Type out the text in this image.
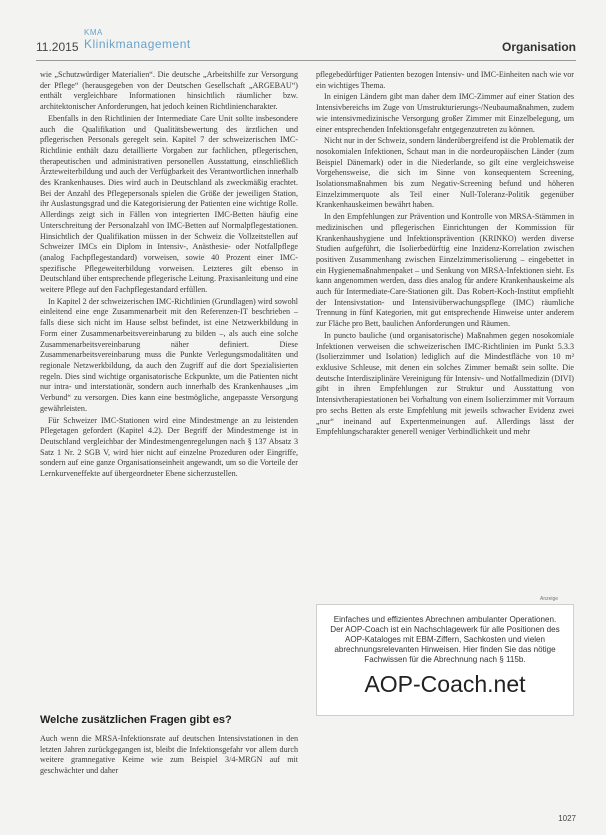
11.2015
KMA
Klinikmanagement	Organisation

wie „Schutzwürdiger Materialien“. Die deutsche „Arbeitshilfe zur Versorgung der Pflege“ (herausgegeben von der Deutschen Gesellschaft „ARGEBAU“) enthält vergleichbare Informationen hinsichtlich räumlicher bzw. architektonischer Anforderungen, hat jedoch keinen Richtliniencharakter.

Ebenfalls in den Richtlinien der Intermediate Care Unit sollte insbesondere auch die Qualifikation und Qualitätsbewertung des ärztlichen und pflegerischen Personals geregelt sein. Kapitel 7 der schweizerischen IMC-Richtlinie enthält dazu detaillierte Vorgaben zur fachlichen, pflegerischen, therapeutischen und administrativen personellen Ausstattung, einschließlich Ärzteweiterbildung und auch der Verfügbarkeit des Verantwortlichen innerhalb des Krankenhauses. Dies wird auch in Deutschland als zweckmäßig erachtet. Bei der Anzahl des Pflegepersonals spielen die Größe der jeweiligen Station, ihr Auslastungsgrad und die Kategorisierung der Patienten eine wichtige Rolle. Allerdings zeigt sich in Fällen von integrierten IMC-Betten häufig eine Unterschreitung der Personalzahl von IMC-Betten auf Normalpflegestationen. Hinsichtlich der Qualifikation müssen in der Schweiz die Vollzeitstellen auf Schweizer IMCs ein Diplom in Intensiv-, Anästhesie- oder Notfallpflege (analog Fachpflegestandard) vorweisen, sowie 40 Prozent einer IMC-spezifische Pflegeweiterbildung vorweisen. Letzteres gilt ebenso in Deutschland über entsprechende pflegerische Leitung. Praxisanleitung und eine weitere Pflege auf den Fachpflegestandard erfüllen.

In Kapitel 2 der schweizerischen IMC-Richtlinien (Grundlagen) wird sowohl einleitend eine enge Zusammenarbeit mit den Referenzen-IT beschrieben – falls diese sich nicht im Hause selbst befindet, ist eine Netzwerkbildung in Form einer Zusammenarbeitsvereinbarung zu bilden –, als auch eine solche Zusammenarbeitsvereinbarung näher definiert. Diese Zusammenarbeitsvereinbarung muss die Punkte Verlegungsmodalitäten und regionale Netzwerkbildung, da auch den Zugriff auf die dort Spezialisierten regeln. Dies sind wichtige organisatorische Eckpunkte, um die Patienten nicht nur intra- und interstationär, sondern auch innerhalb des Krankenhauses „im Verbund“ zu versorgen. Dies kann eine bestmögliche, angepasste Versorgung gewährleisten.

Für Schweizer IMC-Stationen wird eine Mindestmenge an zu leistenden Pflegetagen gefordert (Kapitel 4.2). Der Begriff der Mindestmenge ist in Deutschland vergleichbar der Mindestmengenregelungen nach § 137 Absatz 3 Satz 1 Nr. 2 SGB V, wird hier nicht auf einzelne Prozeduren oder Eingriffe, sondern auf eine ganze Organisationseinheit angewandt, um so die Vorteile der Lernkurveneffekte auf übergeordneter Ebene sicherzustellen.

Welche zusätzlichen Fragen gibt es?

Auch wenn die MRSA-Infektionsrate auf deutschen Intensivstationen in den letzten Jahren zurückgegangen ist, bleibt die Infektionsgefahr vor allem durch weitere gramnegative Keime wie zum Beispiel 3/4-MRGN auf mit geschwächter und daher

pflegebedürftiger Patienten bezogen Intensiv- und IMC-Einheiten nach wie vor ein wichtiges Thema.

In einigen Ländern gibt man daher dem IMC-Zimmer auf einer Station des Intensivbereichs im Zuge von Umstrukturierungs-/Neubaumaßnahmen, zudem wie intensivmedizinische Versorgung großer Zimmer mit Einzelbelegung, um einer entsprechenden Infektionsgefahr entgegenzutreten zu können.

Nicht nur in der Schweiz, sondern länderübergreifend ist die Problematik der nosokomialen Infektionen, Schaut man in die nordeuropäischen Länder (zum Beispiel Dänemark) oder in die Niederlande, so gilt eine vergleichsweise Vorgehensweise, die sich im Sinne von konsequentem Screening, Isolationsmaßnahmen bis zum Negativ-Screening befund und höheren Einzelzimmerquote als Teil einer Null-Toleranz-Politik gegenüber Krankenhauskeimen bewährt haben.

In den Empfehlungen zur Prävention und Kontrolle von MRSA-Stämmen in medizinischen und pflegerischen Einrichtungen der Kommission für Krankenhaushygiene und Infektionsprävention (KRINKO) werden diverse Studien aufgeführt, die Isolierbedürftig eine Inzidenz-Korrelation zwischen positiven Zusammenhang zwischen Einzelzimmerisolierung – eingebettet in ein Hygienemaßnahmenpaket – und Senkung von MRSA-Infektionen sieht. Es kann angenommen werden, dass dies analog für andere Krankenhauskeime als auch für Intermediate-Care-Stationen gilt. Das Robert-Koch-Institut empfiehlt der Intensivstation- und Intensivüberwachungspflege (IMC) räumliche Trennung in fünf Kategorien, mit gut entsprechende Hinweise unter anderem zur Fläche pro Bett, baulichen Anforderungen und Räumen.

In puncto bauliche (und organisatorische) Maßnahmen gegen nosokomiale Infektionen verweisen die schweizerischen IMC-Richtlinien im Punkt 5.3.3 (Isolierzimmer und Isolation) lediglich auf die Mindestfläche von 10 m² exklusive Schleuse, mit denen ein solches Zimmer bemaßt sein sollte. Die deutsche Interdisziplinäre Vereinigung für Intensiv- und Notfallmedizin (DIVI) gibt in ihren Empfehlungen zur Struktur und Ausstattung von Intensivtherapiestationen bei Vorhaltung von einem Isolierzimmer mit Vorraum pro sechs Betten als erste Empfehlung mit jeweils schwacher Evidenz zwei „nur“ ineinand auf Expertenmeinungen auf. Allerdings lässt der Empfehlungscharakter generell weniger Verbindlichkeit und mehr

Anzeige
Einfaches und effizientes Abrechnen ambulanter Operationen. Der AOP-Coach ist ein Nachschlagewerk für alle Positionen des AOP-Kataloges mit EBM-Ziffern, Sachkosten und vielen abrechnungsrelevanten Hinweisen. Hier finden Sie das nötige Fachwissen für die Abrechnung nach § 115b.
AOP-Coach.net
1027
